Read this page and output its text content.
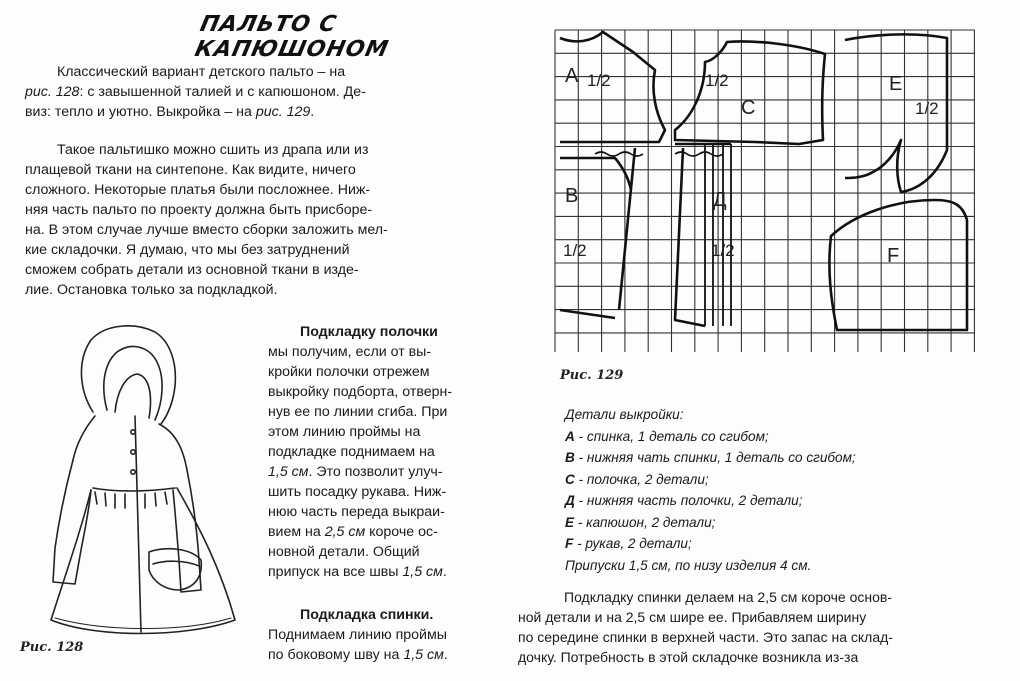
ПАЛЬТО С КАПЮШОНОМ
Классический вариант детского пальто – на
рис. 128: с завышенной талией и с капюшоном. Де-
виз: тепло и уютно. Выкройка – на рис. 129.
Такое пальтишко можно сшить из драпа или из
плащевой ткани на синтепоне. Как видите, ничего
сложного. Некоторые платья были посложнее. Ниж-
няя часть пальто по проекту должна быть присборе-
на. В этом случае лучше вместо сборки заложить мел-
кие складочки. Я думаю, что мы без затруднений
сможем собрать детали из основной ткани в изде-
лие. Остановка только за подкладкой.
Рис. 128
Подкладку полочки
мы получим, если от вы-
кройки полочки отрежем
выкройку подборта, отверн-
нув ее по линии сгиба. При
этом линию проймы на
подкладке поднимаем на
1,5 см. Это позволит улуч-
шить посадку рукава. Ниж-
нюю часть переда выкраи-
вием на 2,5 см короче ос-
новной детали. Общий
припуск на все швы 1,5 см.
Подкладка спинки.
Поднимаем линию проймы
по боковому шву на 1,5 см.
А 1/2	1/2
С
Е
1/2
В	Д
1/2	1/2	F
Рис. 129
Детали выкройки:
А - спинка, 1 деталь со сгибом;
В - нижняя чать спинки, 1 деталь со сгибом;
С - полочка, 2 детали;
Д - нижняя часть полочки, 2 детали;
Е - капюшон, 2 детали;
F - рукав, 2 детали;
Припуски 1,5 см, по низу изделия 4 см.
Подкладку спинки делаем на 2,5 см короче основ-
ной детали и на 2,5 см шире ее. Прибавляем ширину
по середине спинки в верхней части. Это запас на склад-
дочку. Потребность в этой складочке возникла из-за
